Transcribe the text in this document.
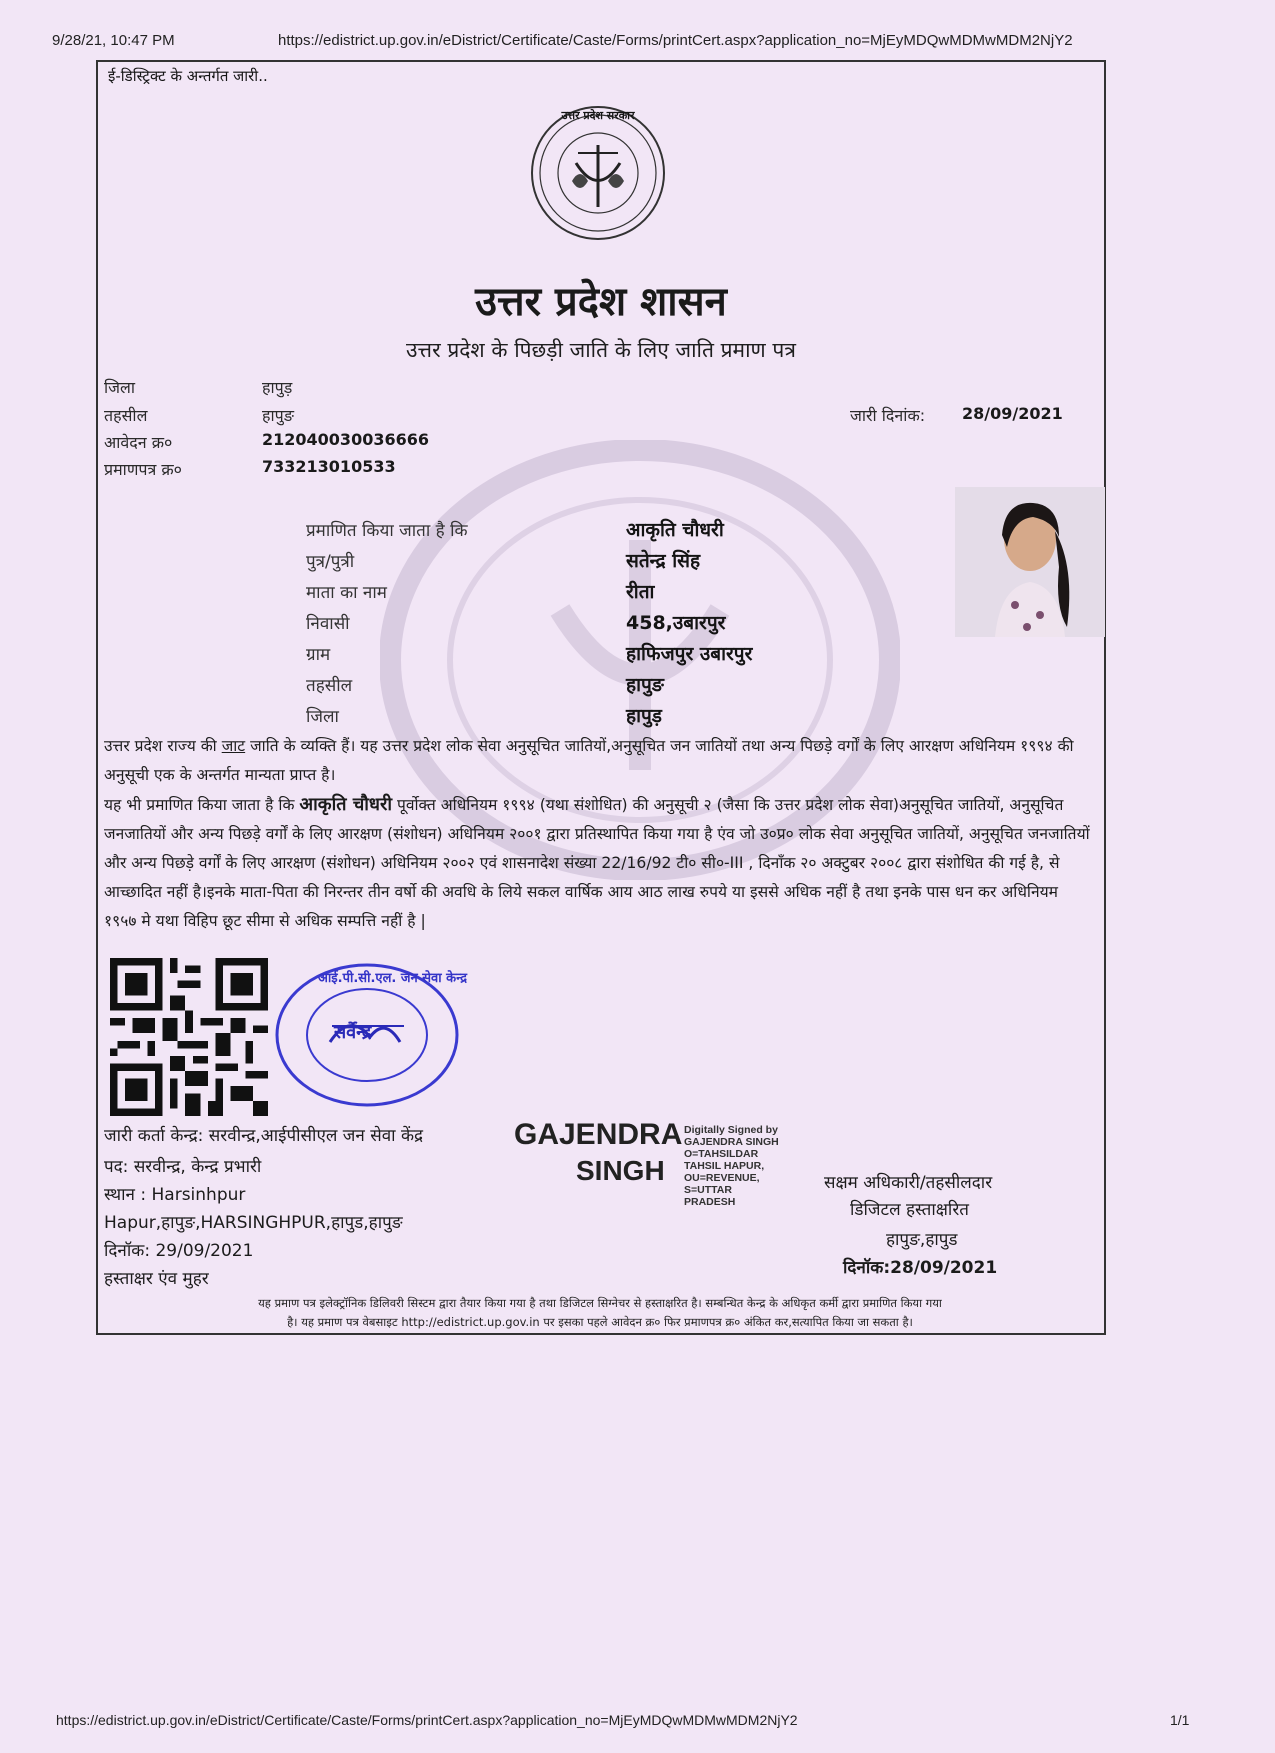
9/28/21, 10:47 PM	https://edistrict.up.gov.in/eDistrict/Certificate/Caste/Forms/printCert.aspx?application_no=MjEyMDQwMDMwMDM2NjY2
ई-डिस्ट्रिक्ट के अन्तर्गत जारी..
उत्तर प्रदेश सरकार
उत्तर प्रदेश शासन
उत्तर प्रदेश के पिछड़ी जाति के लिए जाति प्रमाण पत्र
जिला	हापुड़
तहसील	हापुङ
आवेदन क्र०	212040030036666
प्रमाणपत्र क्र०	733213010533
जारी दिनांक: 28/09/2021
प्रमाणित किया जाता है कि	आकृति चौधरी
पुत्र/पुत्री	सतेन्द्र सिंह
माता का नाम	रीता
निवासी	458,उबारपुर
ग्राम	हाफिजपुर उबारपुर
तहसील	हापुङ
जिला	हापुड़
उत्तर प्रदेश राज्य की जाट जाति के व्यक्ति हैं। यह उत्तर प्रदेश लोक सेवा अनुसूचित जातियों,अनुसूचित जन जातियों तथा अन्य पिछड़े वर्गों के लिए आरक्षण अधिनियम १९९४ की अनुसूची एक के अन्तर्गत मान्यता प्राप्त है।
यह भी प्रमाणित किया जाता है कि आकृति चौधरी पूर्वोक्त अधिनियम १९९४ (यथा संशोधित) की अनुसूची २ (जैसा कि उत्तर प्रदेश लोक सेवा)अनुसूचित जातियों, अनुसूचित जनजातियों और अन्य पिछड़े वर्गों के लिए आरक्षण (संशोधन) अधिनियम २००१ द्वारा प्रतिस्थापित किया गया है एंव जो उ०प्र० लोक सेवा अनुसूचित जातियों, अनुसूचित जनजातियों और अन्य पिछड़े वर्गों के लिए आरक्षण (संशोधन) अधिनियम २००२ एवं शासनादेश संख्या 22/16/92 टी० सी०-III , दिनाँक २० अक्टुबर २००८ द्वारा संशोधित की गई है, से आच्छादित नहीं है।इनके माता-पिता की निरन्तर तीन वर्षो की अवधि के लिये सकल वार्षिक आय आठ लाख रुपये या इससे अधिक नहीं है तथा इनके पास धन कर अधिनियम १९५७ मे यथा विहिप छूट सीमा से अधिक सम्पत्ति नहीं है |
आई.पी.सी.एल. जन सेवा केन्द्र
सर्वेन्द्र
जारी कर्ता केन्द्र: सरवीन्द्र,आईपीसीएल जन सेवा केंद्र
पद: सरवीन्द्र, केन्द्र प्रभारी
स्थान : Harsinhpur
Hapur,हापुङ,HARSINGHPUR,हापुड,हापुङ
दिनॉक: 29/09/2021
हस्ताक्षर एंव मुहर
GAJENDRA
SINGH
Digitally Signed by
GAJENDRA SINGH
O=TAHSILDAR
TAHSIL HAPUR,
OU=REVENUE,
S=UTTAR
PRADESH
सक्षम अधिकारी/तहसीलदार
डिजिटल हस्ताक्षरित
हापुङ,हापुड
दिनॉक:28/09/2021
यह प्रमाण पत्र इलेक्ट्रॉनिक डिलिवरी सिस्टम द्वारा तैयार किया गया है तथा डिजिटल सिग्नेचर से हस्ताक्षरित है। सम्बन्धित केन्द्र के अधिकृत कर्मी द्वारा प्रमाणित किया गया
है। यह प्रमाण पत्र वेबसाइट http://edistrict.up.gov.in पर इसका पहले आवेदन क्र० फिर प्रमाणपत्र क्र० अंकित कर,सत्यापित किया जा सकता है।
https://edistrict.up.gov.in/eDistrict/Certificate/Caste/Forms/printCert.aspx?application_no=MjEyMDQwMDMwMDM2NjY2	1/1
